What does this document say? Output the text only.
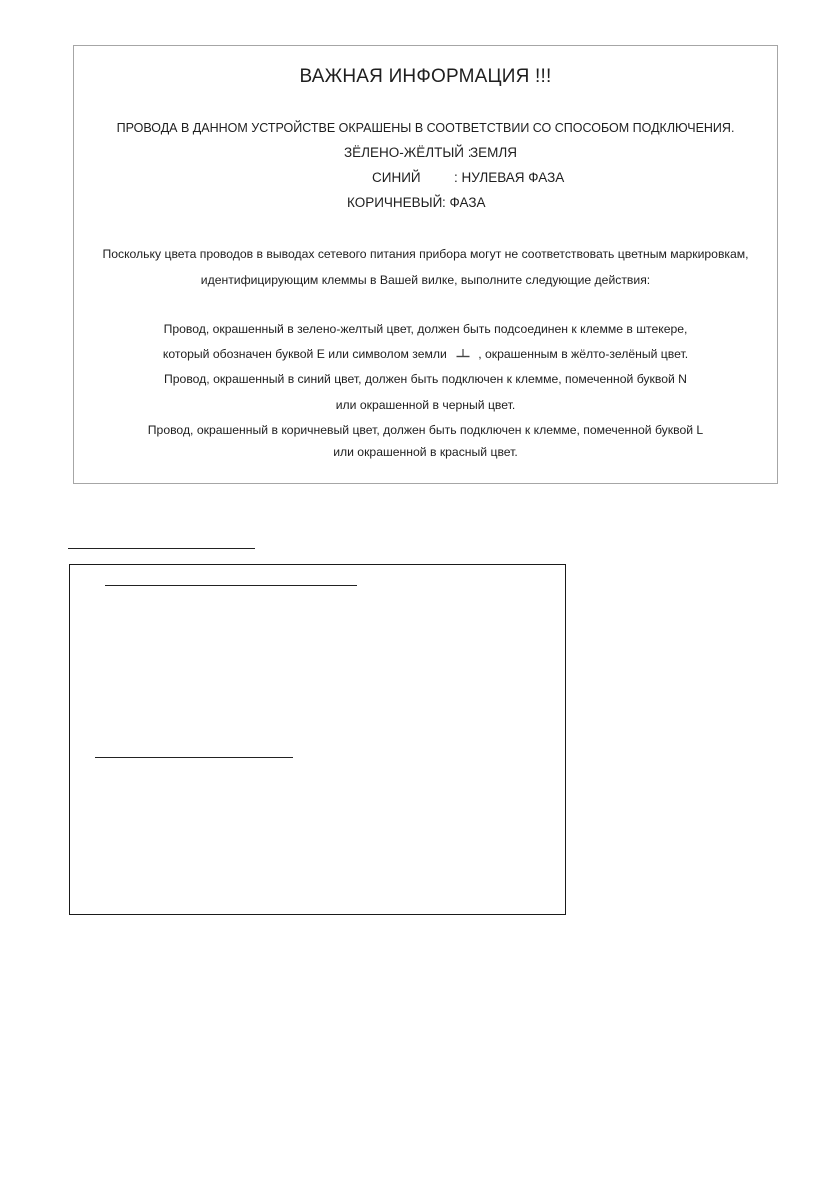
ВАЖНАЯ ИНФОРМАЦИЯ !!!
ПРОВОДА В ДАННОМ УСТРОЙСТВЕ ОКРАШЕНЫ В СООТВЕТСТВИИ СО СПОСОБОМ ПОДКЛЮЧЕНИЯ.
ЗЁЛЕНО-ЖЁЛТЫЙ :ЗЕМЛЯ
СИНИЙ : НУЛЕВАЯ ФАЗА
КОРИЧНЕВЫЙ: ФАЗА
Поскольку цвета проводов в выводах сетевого питания прибора могут не соответствовать цветным маркировкам,
идентифицирующим клеммы в Вашей вилке, выполните следующие действия:
Провод, окрашенный в зелено-желтый цвет, должен быть подсоединен к клемме в штекере,
который обозначен буквой E или символом земли	, окрашенным в жёлто-зелёный цвет.
Провод, окрашенный в синий цвет, должен быть подключен к клемме, помеченной буквой N
или окрашенной в черный цвет.
Провод, окрашенный в коричневый цвет, должен быть подключен к клемме, помеченной буквой L
или окрашенной в красный цвет.
